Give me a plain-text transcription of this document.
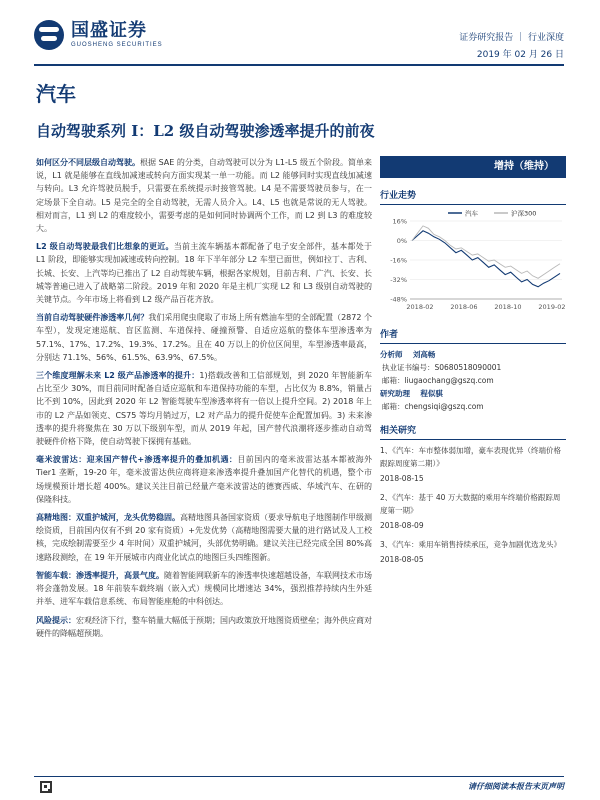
国盛证券
GUOSHENG SECURITIES
证券研究报告 ｜ 行业深度
2019 年 02 月 26 日
汽车
自动驾驶系列 I：L2 级自动驾驶渗透率提升的前夜
如何区分不同层级自动驾驶。根据 SAE 的分类，自动驾驶可以分为 L1-L5 级五个阶段。简单来说，L1 就是能够在直线加减速或转向方面实现某一单一功能。而 L2 能够同时实现直线加减速与转向。L3 允许驾驶员脱手，只需要在系统提示时接管驾驶。L4 是不需要驾驶员参与，在一定场景下全自动。L5 是完全的全自动驾驶，无需人员介入。L4、L5 也就是常说的无人驾驶。相对而言，L1 到 L2 的难度较小，需要考虑的是如何同时协调两个工作，而 L2 到 L3 的难度较大。
L2 级自动驾驶最我们比想象的更近。当前主流车辆基本都配备了电子安全部件，基本都处于 L1 阶段，即能够实现加减速或转向控制。18 年下半年部分 L2 车型已面世，例如拉丁、吉利、长城、长安、上汽等均已推出了 L2 自动驾驶车辆，根据各家规划，目前吉利、广汽、长安、长城等普遍已进入了战略第二阶段。2019 年和 2020 年是主机厂实现 L2 和 L3 级别自动驾驶的关键节点。今年市场上将看到 L2 级产品百花齐放。
当前自动驾驶硬件渗透率几何？我们采用爬虫爬取了市场上所有燃油车型的全部配置（2872 个车型），发现定速巡航、盲区监测、车道保持、碰撞预警、自适应巡航的整体车型渗透率为 57.1%、17%、17.2%、19.3%、17.2%。且在 40 万以上的价位区间里，车型渗透率最高，分别达 71.1%、56%、61.5%、63.9%、67.5%。
三个维度理解未来 L2 级产品渗透率的提升：1)搭载改善和工信部规划，到 2020 年智能新车占比至少 30%，而目前同时配备自适应巡航和车道保持功能的车型，占比仅为 8.8%，销量占比不到 10%，因此到 2020 年 L2 智能驾驶车型渗透率将有一倍以上提升空间。2) 2018 年上市的 L2 产品如领克、CS75 等均月销过万，L2 对产品力的提升促使车企配置加码。3) 未来渗透率的提升将聚焦在 30 万以下级别车型，而从 2019 年起，国产替代浪潮将逐步推动自动驾驶硬件价格下降，使自动驾驶下探拥有基础。
毫米波雷达：迎来国产替代+渗透率提升的叠加机遇：目前国内的毫米波雷达基本都被海外 Tier1 垄断，19-20 年，毫米波雷达供应商将迎来渗透率提升叠加国产化替代的机遇，整个市场规模预计增长超 400%。建议关注目前已经量产毫米波雷达的德赛西威、华域汽车、在研的保隆科技。
高精地图：双重护城河，龙头优势稳固。高精地图具备国家资质（要求导航电子地图制作甲级测绘资质，目前国内仅有不到 20 家有资质）+先发优势（高精地图需要大量的进行路试及人工校核，完成绘制需要至少 4 年时间）双重护城河，头部优势明确。建议关注已经完成全国 80%高速路段测绘，在 19 年开展城市内商业化试点的地图巨头四维图新。
智能车载：渗透率提升，高景气度。随着智能网联新车的渗透率快速超越设备，车联网技术市场将会蓬勃发展。18 年前装车载终端（嵌入式）规模同比增速达 34%，强烈推荐持续内生外延并举、进军车载信息系统、布局智能座舱的中科创达。
风险提示：宏观经济下行，整车销量大幅低于预期；国内政策放开地图资质壁垒；海外供应商对硬件的降幅超预期。
增持（维持）
行业走势
16%
0%
-16%
-32%
-48%
2018-02	2018-06	2018-10	2019-02
汽车	沪深300
作者
分析师 刘高畅
执业证书编号：S0680518090001
邮箱：liugaochang@gszq.com
研究助理 程似骐
邮箱：chengsiqi@gszq.com
相关研究
1、《汽车：车市整体弱加增，豪车表现优异（终端价格跟踪周度第二期）》
2018-08-15
2、《汽车：基于 40 万大数据的乘用车终端价格跟踪周度第一期》
2018-08-09
3、《汽车：乘用车销售持续承压，竞争加剧优选龙头》
2018-08-05
请仔细阅读本报告末页声明
